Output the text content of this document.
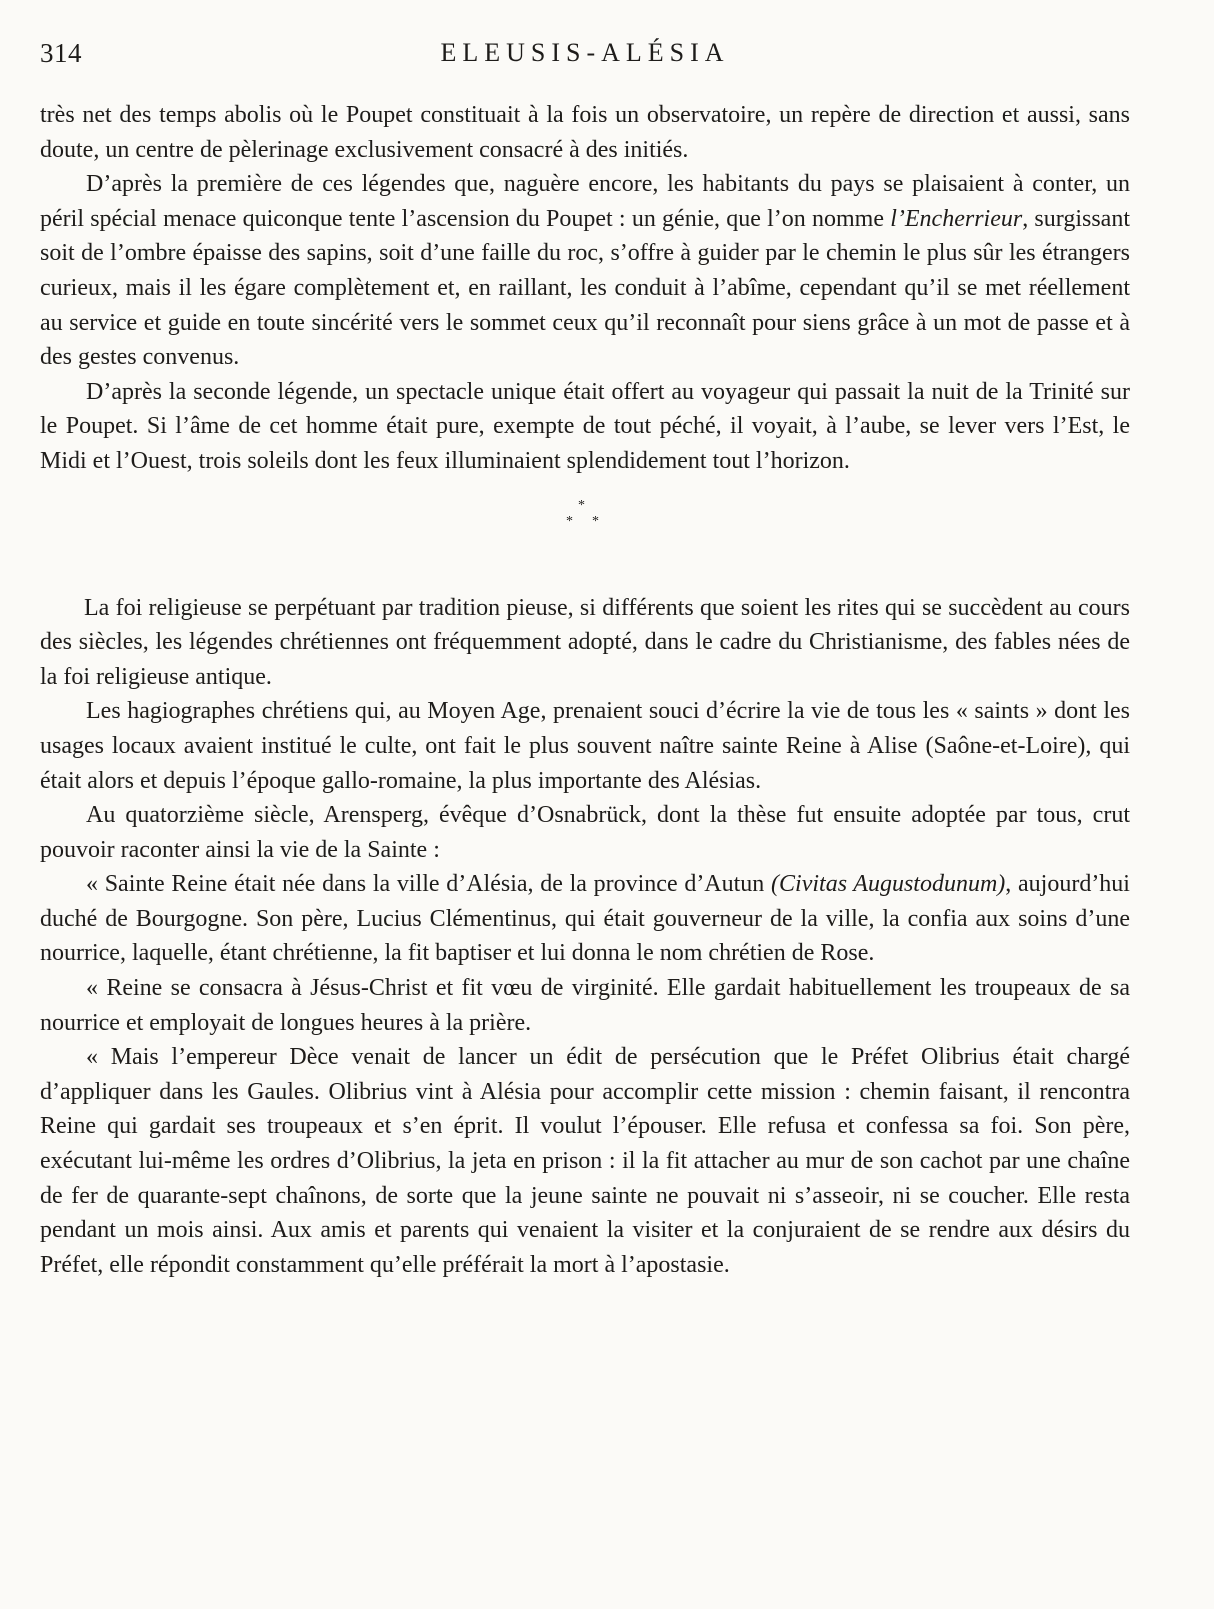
314	ELEUSIS-ALÉSIA

très net des temps abolis où le Poupet constituait à la fois un observatoire, un repère de direction et aussi, sans doute, un centre de pèlerinage exclusivement consacré à des initiés.

D’après la première de ces légendes que, naguère encore, les habitants du pays se plaisaient à conter, un péril spécial menace quiconque tente l’ascension du Poupet : un génie, que l’on nomme l’Encherrieur, surgissant soit de l’ombre épaisse des sapins, soit d’une faille du roc, s’offre à guider par le chemin le plus sûr les étrangers curieux, mais il les égare complètement et, en raillant, les conduit à l’abîme, cependant qu’il se met réellement au service et guide en toute sincérité vers le sommet ceux qu’il reconnaît pour siens grâce à un mot de passe et à des gestes convenus.

D’après la seconde légende, un spectacle unique était offert au voyageur qui passait la nuit de la Trinité sur le Poupet. Si l’âme de cet homme était pure, exempte de tout péché, il voyait, à l’aube, se lever vers l’Est, le Midi et l’Ouest, trois soleils dont les feux illuminaient splendidement tout l’horizon.

*
* *

La foi religieuse se perpétuant par tradition pieuse, si différents que soient les rites qui se succèdent au cours des siècles, les légendes chrétiennes ont fréquemment adopté, dans le cadre du Christianisme, des fables nées de la foi religieuse antique.

Les hagiographes chrétiens qui, au Moyen Age, prenaient souci d’écrire la vie de tous les « saints » dont les usages locaux avaient institué le culte, ont fait le plus souvent naître sainte Reine à Alise (Saône-et-Loire), qui était alors et depuis l’époque gallo-romaine, la plus importante des Alésias.

Au quatorzième siècle, Arensperg, évêque d’Osnabrück, dont la thèse fut ensuite adoptée par tous, crut pouvoir raconter ainsi la vie de la Sainte :

« Sainte Reine était née dans la ville d’Alésia, de la province d’Autun (Civitas Augustodunum), aujourd’hui duché de Bourgogne. Son père, Lucius Clémentinus, qui était gouverneur de la ville, la confia aux soins d’une nourrice, laquelle, étant chrétienne, la fit baptiser et lui donna le nom chrétien de Rose.

« Reine se consacra à Jésus-Christ et fit vœu de virginité. Elle gardait habituellement les troupeaux de sa nourrice et employait de longues heures à la prière.

« Mais l’empereur Dèce venait de lancer un édit de persécution que le Préfet Olibrius était chargé d’appliquer dans les Gaules. Olibrius vint à Alésia pour accomplir cette mission : chemin faisant, il rencontra Reine qui gardait ses troupeaux et s’en éprit. Il voulut l’épouser. Elle refusa et confessa sa foi. Son père, exécutant lui-même les ordres d’Olibrius, la jeta en prison : il la fit attacher au mur de son cachot par une chaîne de fer de quarante-sept chaînons, de sorte que la jeune sainte ne pouvait ni s’asseoir, ni se coucher. Elle resta pendant un mois ainsi. Aux amis et parents qui venaient la visiter et la conjuraient de se rendre aux désirs du Préfet, elle répondit constamment qu’elle préférait la mort à l’apostasie.
